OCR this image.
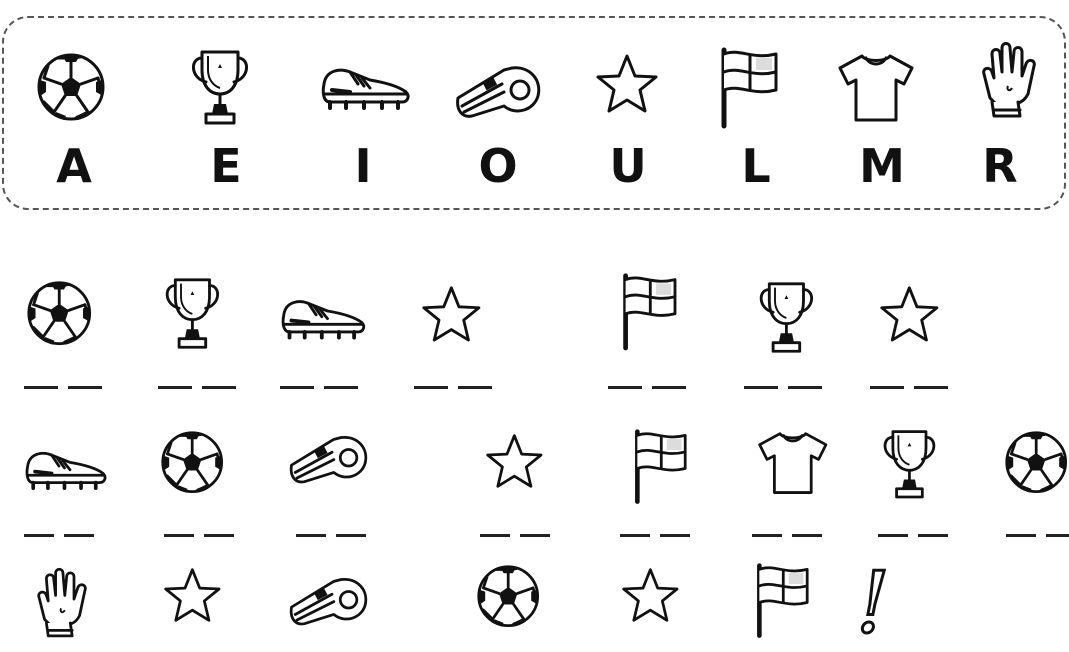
A	E	I	O U	L	M R
!
